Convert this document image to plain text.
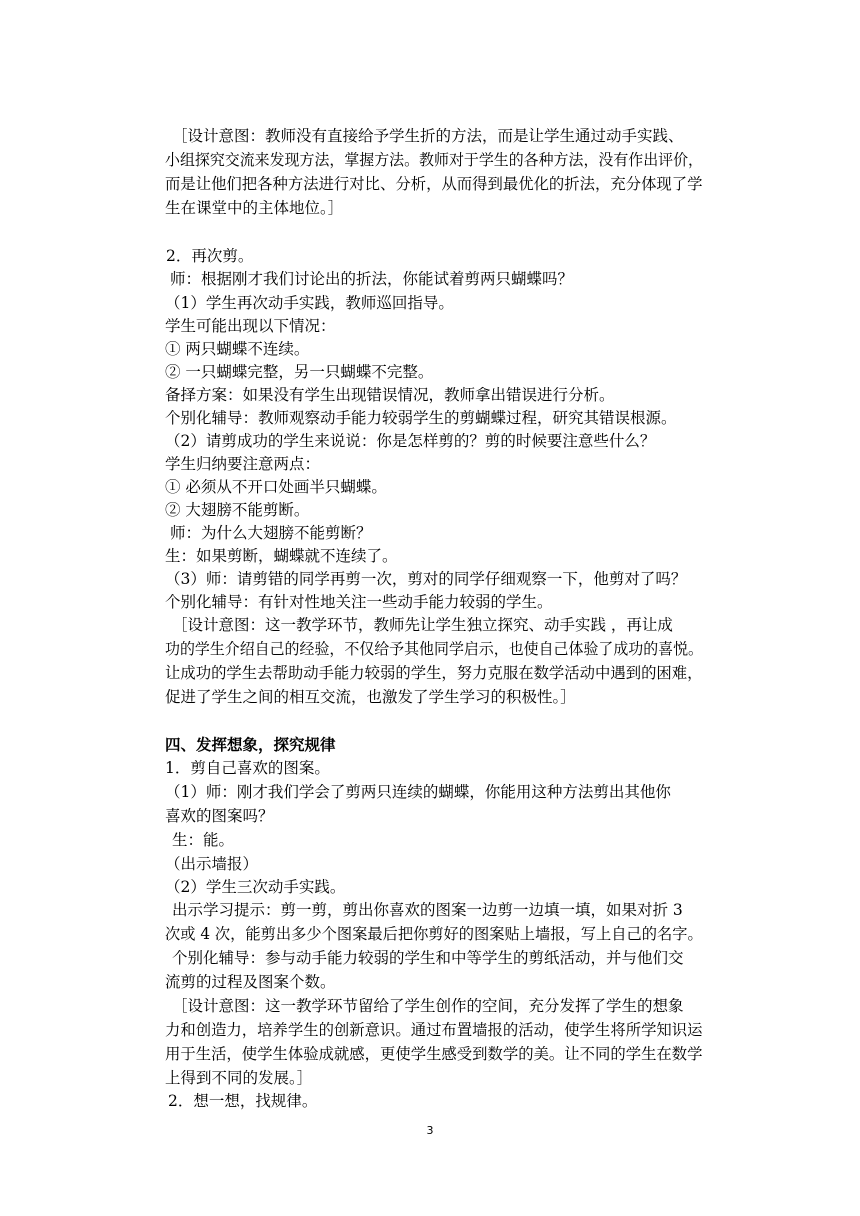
［设计意图：教师没有直接给予学生折的方法，而是让学生通过动手实践、
小组探究交流来发现方法，掌握方法。教师对于学生的各种方法，没有作出评价，
而是让他们把各种方法进行对比、分析，从而得到最优化的折法，充分体现了学
生在课堂中的主体地位。］
2．再次剪。
师：根据刚才我们讨论出的折法，你能试着剪两只蝴蝶吗？
（1）学生再次动手实践，教师巡回指导。
学生可能出现以下情况：
① 两只蝴蝶不连续。
② 一只蝴蝶完整，另一只蝴蝶不完整。
备择方案：如果没有学生出现错误情况，教师拿出错误进行分析。
个别化辅导：教师观察动手能力较弱学生的剪蝴蝶过程，研究其错误根源。
（2）请剪成功的学生来说说：你是怎样剪的？剪的时候要注意些什么？
学生归纳要注意两点：
① 必须从不开口处画半只蝴蝶。
② 大翅膀不能剪断。
师：为什么大翅膀不能剪断？
生：如果剪断，蝴蝶就不连续了。
（3）师：请剪错的同学再剪一次，剪对的同学仔细观察一下，他剪对了吗？
个别化辅导：有针对性地关注一些动手能力较弱的学生。
［设计意图：这一教学环节，教师先让学生独立探究、动手实践 ，再让成
功的学生介绍自己的经验，不仅给予其他同学启示，也使自己体验了成功的喜悦。
让成功的学生去帮助动手能力较弱的学生，努力克服在数学活动中遇到的困难，
促进了学生之间的相互交流，也激发了学生学习的积极性。］
四、发挥想象，探究规律
1．剪自己喜欢的图案。
（1）师：刚才我们学会了剪两只连续的蝴蝶，你能用这种方法剪出其他你
喜欢的图案吗？
生：能。
（出示墙报）
（2）学生三次动手实践。
出示学习提示：剪一剪，剪出你喜欢的图案一边剪一边填一填，如果对折 3
次或 4 次，能剪出多少个图案最后把你剪好的图案贴上墙报，写上自己的名字。
个别化辅导：参与动手能力较弱的学生和中等学生的剪纸活动，并与他们交
流剪的过程及图案个数。
［设计意图：这一教学环节留给了学生创作的空间，充分发挥了学生的想象
力和创造力，培养学生的创新意识。通过布置墙报的活动，使学生将所学知识运
用于生活，使学生体验成就感，更使学生感受到数学的美。让不同的学生在数学
上得到不同的发展。］
2．想一想，找规律。
3
